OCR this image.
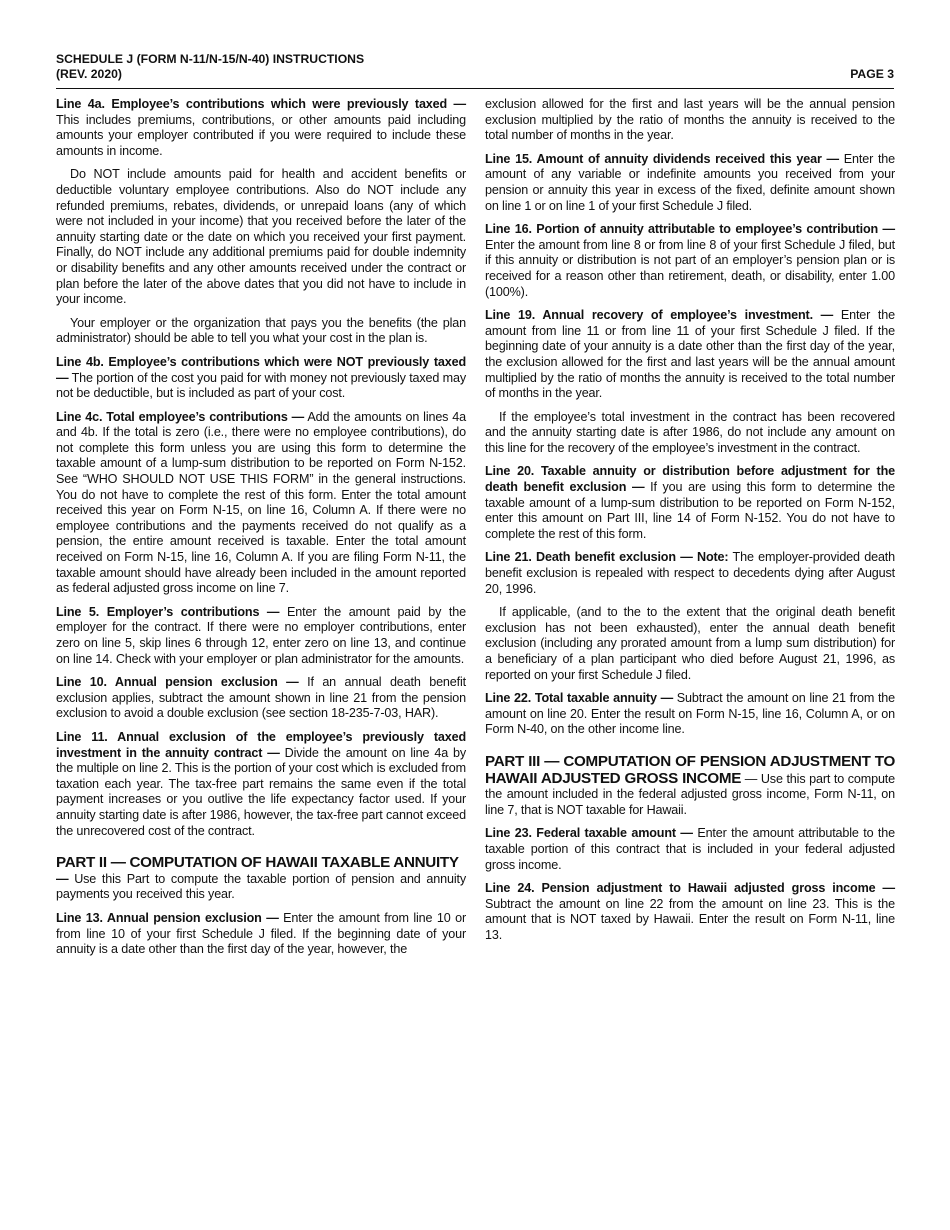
SCHEDULE J (FORM N-11/N-15/N-40) INSTRUCTIONS
(REV. 2020)	PAGE 3

Line 4a. Employee’s contributions which were previously taxed — This includes premiums, contributions, or other amounts paid including amounts your employer contributed if you were required to include these amounts in income.

Do NOT include amounts paid for health and accident benefits or deductible voluntary employee contributions. Also do NOT include any refunded premiums, rebates, dividends, or unrepaid loans (any of which were not included in your income) that you received before the later of the annuity starting date or the date on which you received your first payment. Finally, do NOT include any additional premiums paid for double indemnity or disability benefits and any other amounts received under the contract or plan before the later of the above dates that you did not have to include in your income.

Your employer or the organization that pays you the benefits (the plan administrator) should be able to tell you what your cost in the plan is.

Line 4b. Employee’s contributions which were NOT previously taxed — The portion of the cost you paid for with money not previously taxed may not be deductible, but is included as part of your cost.

Line 4c. Total employee’s contributions — Add the amounts on lines 4a and 4b. If the total is zero (i.e., there were no employee contributions), do not complete this form unless you are using this form to determine the taxable amount of a lump-sum distribution to be reported on Form N-152. See “WHO SHOULD NOT USE THIS FORM” in the general instructions. You do not have to complete the rest of this form. Enter the total amount received this year on Form N-15, on line 16, Column A. If there were no employee contributions and the payments received do not qualify as a pension, the entire amount received is taxable. Enter the total amount received on Form N-15, line 16, Column A. If you are filing Form N-11, the taxable amount should have already been included in the amount reported as federal adjusted gross income on line 7.

Line 5. Employer’s contributions — Enter the amount paid by the employer for the contract. If there were no employer contributions, enter zero on line 5, skip lines 6 through 12, enter zero on line 13, and continue on line 14. Check with your employer or plan administrator for the amounts.

Line 10. Annual pension exclusion — If an annual death benefit exclusion applies, subtract the amount shown in line 21 from the pension exclusion to avoid a double exclusion (see section 18-235-7-03, HAR).

Line 11. Annual exclusion of the employee’s previously taxed investment in the annuity contract — Divide the amount on line 4a by the multiple on line 2. This is the portion of your cost which is excluded from taxation each year. The tax-free part remains the same even if the total payment increases or you outlive the life expectancy factor used. If your annuity starting date is after 1986, however, the tax-free part cannot exceed the unrecovered cost of the contract.

PART II — COMPUTATION OF HAWAII TAXABLE ANNUITY
— Use this Part to compute the taxable portion of pension and annuity payments you received this year.

Line 13. Annual pension exclusion — Enter the amount from line 10 or from line 10 of your first Schedule J filed. If the beginning date of your annuity is a date other than the first day of the year, however, the

exclusion allowed for the first and last years will be the annual pension exclusion multiplied by the ratio of months the annuity is received to the total number of months in the year.

Line 15. Amount of annuity dividends received this year — Enter the amount of any variable or indefinite amounts you received from your pension or annuity this year in excess of the fixed, definite amount shown on line 1 or on line 1 of your first Schedule J filed.

Line 16. Portion of annuity attributable to employee’s contribution — Enter the amount from line 8 or from line 8 of your first Schedule J filed, but if this annuity or distribution is not part of an employer’s pension plan or is received for a reason other than retirement, death, or disability, enter 1.00 (100%).

Line 19. Annual recovery of employee’s investment. — Enter the amount from line 11 or from line 11 of your first Schedule J filed. If the beginning date of your annuity is a date other than the first day of the year, the exclusion allowed for the first and last years will be the annual amount multiplied by the ratio of months the annuity is received to the total number of months in the year.

If the employee’s total investment in the contract has been recovered and the annuity starting date is after 1986, do not include any amount on this line for the recovery of the employee’s investment in the contract.

Line 20. Taxable annuity or distribution before adjustment for the death benefit exclusion — If you are using this form to determine the taxable amount of a lump-sum distribution to be reported on Form N-152, enter this amount on Part III, line 14 of Form N-152. You do not have to complete the rest of this form.

Line 21. Death benefit exclusion — Note: The employer-provided death benefit exclusion is repealed with respect to decedents dying after August 20, 1996.

If applicable, (and to the to the extent that the original death benefit exclusion has not been exhausted), enter the annual death benefit exclusion (including any prorated amount from a lump sum distribution) for a beneficiary of a plan participant who died before August 21, 1996, as reported on your first Schedule J filed.

Line 22. Total taxable annuity — Subtract the amount on line 21 from the amount on line 20. Enter the result on Form N-15, line 16, Column A, or on Form N-40, on the other income line.

PART III — COMPUTATION OF PENSION ADJUSTMENT TO HAWAII ADJUSTED GROSS INCOME — Use this part to compute the amount included in the federal adjusted gross income, Form N-11, on line 7, that is NOT taxable for Hawaii.

Line 23. Federal taxable amount — Enter the amount attributable to the taxable portion of this contract that is included in your federal adjusted gross income.

Line 24. Pension adjustment to Hawaii adjusted gross income — Subtract the amount on line 22 from the amount on line 23. This is the amount that is NOT taxed by Hawaii. Enter the result on Form N-11, line 13.
